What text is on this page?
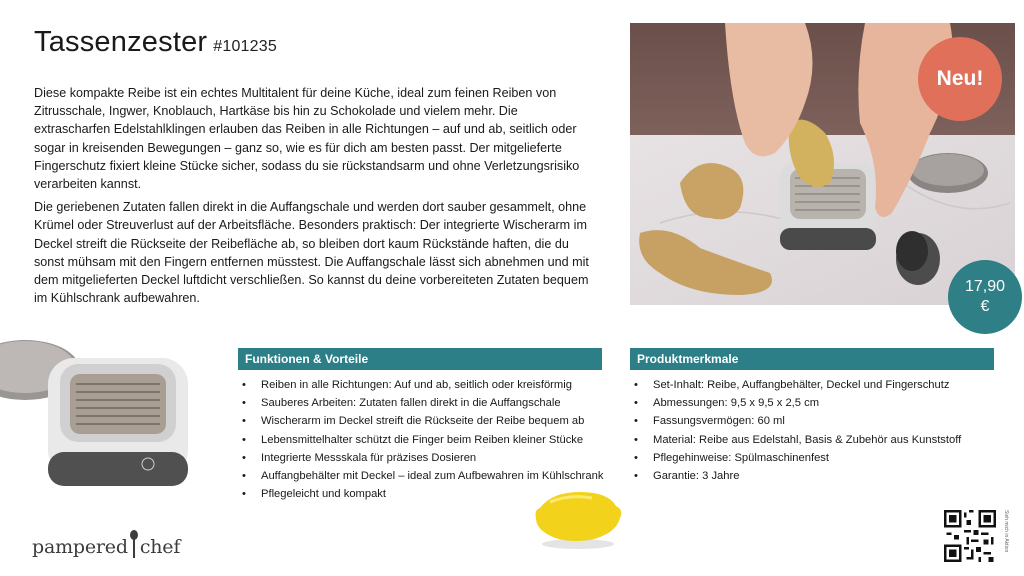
Tassenzester #101235

Diese kompakte Reibe ist ein echtes Multitalent für deine Küche, ideal zum feinen Reiben von Zitrusschale, Ingwer, Knoblauch, Hartkäse bis hin zu Schokolade und vielem mehr. Die extrascharfen Edelstahlklingen erlauben das Reiben in alle Richtungen – auf und ab, seitlich oder sogar in kreisenden Bewegungen – ganz so, wie es für dich am besten passt. Der mitgelieferte Fingerschutz fixiert kleine Stücke sicher, sodass du sie rückstandsarm und ohne Verletzungsrisiko verarbeiten kannst.

Die geriebenen Zutaten fallen direkt in die Auffangschale und werden dort sauber gesammelt, ohne Krümel oder Streuverlust auf der Arbeitsfläche. Besonders praktisch: Der integrierte Wischerarm im Deckel streift die Rückseite der Reibefläche ab, so bleiben dort kaum Rückstände haften, die du sonst mühsam mit den Fingern entfernen müsstest. Die Auffangschale lässt sich abnehmen und mit dem mitgelieferten Deckel luftdicht verschließen. So kannst du deine vorbereiteten Zutaten bequem im Kühlschrank aufbewahren.

Neu!
17,90
€
Funktionen & Vorteile
• Reiben in alle Richtungen: Auf und ab, seitlich oder kreisförmig
• Sauberes Arbeiten: Zutaten fallen direkt in die Auffangschale
• Wischerarm im Deckel streift die Rückseite der Reibe bequem ab
• Lebensmittelhalter schützt die Finger beim Reiben kleiner Stücke
• Integrierte Messskala für präzises Dosieren
• Auffangbehälter mit Deckel – ideal zum Aufbewahren im Kühlschrank
• Pflegeleicht und kompakt
Produktmerkmale
• Set-Inhalt: Reibe, Auffangbehälter, Deckel und Fingerschutz
• Abmessungen: 9,5 x 9,5 x 2,5 cm
• Fassungsvermögen: 60 ml
• Material: Reibe aus Edelstahl, Basis & Zubehör aus Kunststoff
• Pflegehinweise: Spülmaschinenfest
• Garantie: 3 Jahre
pampered chef	Sieh mich in Aktion
